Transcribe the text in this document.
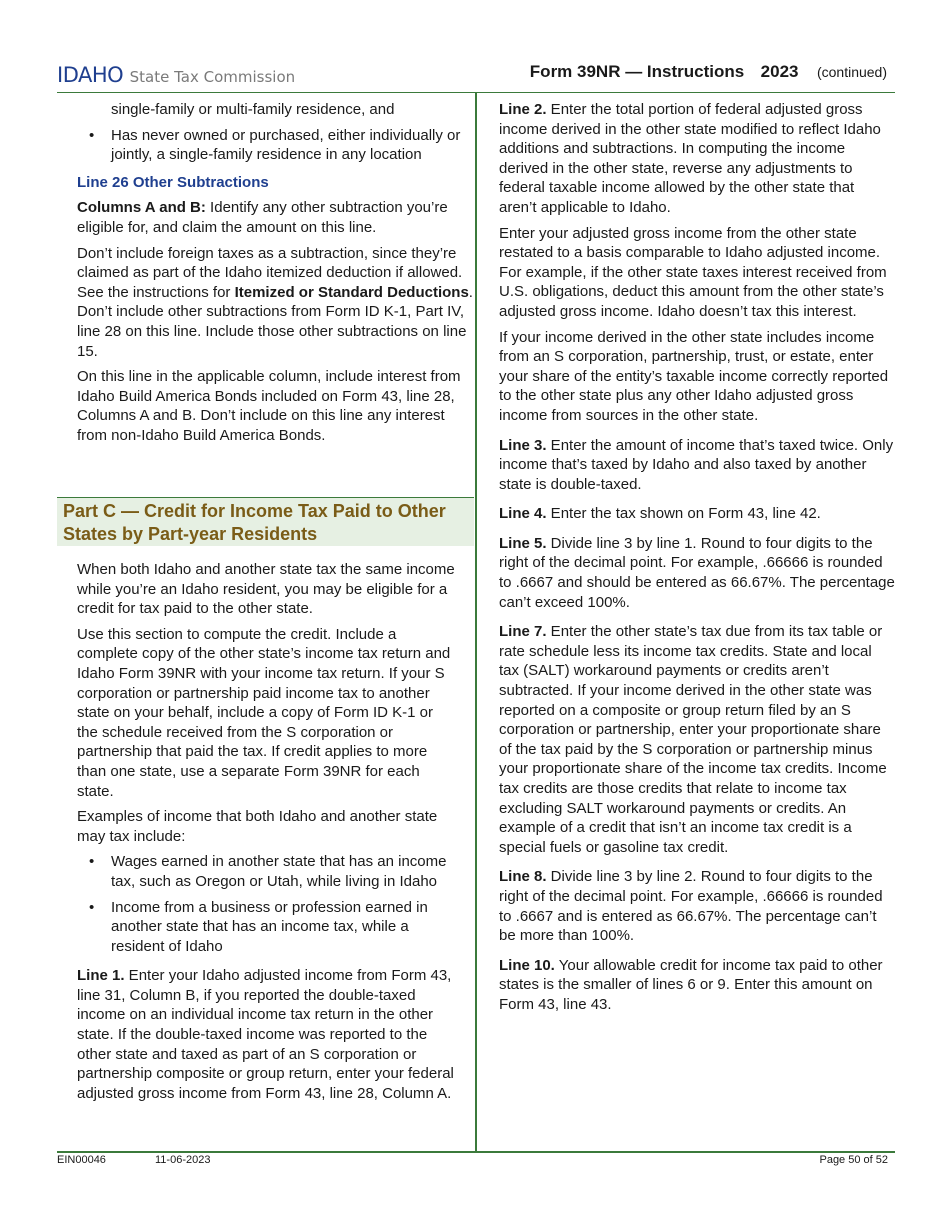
IDAHO State Tax Commission	Form 39NR — Instructions 2023 (continued)

single-family or multi-family residence, and

• Has never owned or purchased, either individually or jointly, a single-family residence in any location

Line 26 Other Subtractions

Columns A and B: Identify any other subtraction you’re eligible for, and claim the amount on this line.

Don’t include foreign taxes as a subtraction, since they’re claimed as part of the Idaho itemized deduction if allowed. See the instructions for Itemized or Standard Deductions. Don’t include other subtractions from Form ID K-1, Part IV, line 28 on this line. Include those other subtractions on line 15.

On this line in the applicable column, include interest from Idaho Build America Bonds included on Form 43, line 28, Columns A and B. Don’t include on this line any interest from non-Idaho Build America Bonds.

Part C — Credit for Income Tax Paid to Other States by Part-year Residents

When both Idaho and another state tax the same income while you’re an Idaho resident, you may be eligible for a credit for tax paid to the other state.

Use this section to compute the credit. Include a complete copy of the other state’s income tax return and Idaho Form 39NR with your income tax return. If your S corporation or partnership paid income tax to another state on your behalf, include a copy of Form ID K-1 or the schedule received from the S corporation or partnership that paid the tax. If credit applies to more than one state, use a separate Form 39NR for each state.

Examples of income that both Idaho and another state may tax include:

• Wages earned in another state that has an income tax, such as Oregon or Utah, while living in Idaho

• Income from a business or profession earned in another state that has an income tax, while a resident of Idaho

Line 1. Enter your Idaho adjusted income from Form 43, line 31, Column B, if you reported the double-taxed income on an individual income tax return in the other state. If the double-taxed income was reported to the other state and taxed as part of an S corporation or partnership composite or group return, enter your federal adjusted gross income from Form 43, line 28, Column A.

Line 2. Enter the total portion of federal adjusted gross income derived in the other state modified to reflect Idaho additions and subtractions. In computing the income derived in the other state, reverse any adjustments to federal taxable income allowed by the other state that aren’t applicable to Idaho.

Enter your adjusted gross income from the other state restated to a basis comparable to Idaho adjusted income. For example, if the other state taxes interest received from U.S. obligations, deduct this amount from the other state’s adjusted gross income. Idaho doesn’t tax this interest.

If your income derived in the other state includes income from an S corporation, partnership, trust, or estate, enter your share of the entity’s taxable income correctly reported to the other state plus any other Idaho adjusted gross income from sources in the other state.

Line 3. Enter the amount of income that’s taxed twice. Only income that’s taxed by Idaho and also taxed by another state is double-taxed.

Line 4. Enter the tax shown on Form 43, line 42.

Line 5. Divide line 3 by line 1. Round to four digits to the right of the decimal point. For example, .66666 is rounded to .6667 and should be entered as 66.67%. The percentage can’t exceed 100%.

Line 7. Enter the other state’s tax due from its tax table or rate schedule less its income tax credits. State and local tax (SALT) workaround payments or credits aren’t subtracted. If your income derived in the other state was reported on a composite or group return filed by an S corporation or partnership, enter your proportionate share of the tax paid by the S corporation or partnership minus your proportionate share of the income tax credits. Income tax credits are those credits that relate to income tax excluding SALT workaround payments or credits. An example of a credit that isn’t an income tax credit is a special fuels or gasoline tax credit.

Line 8. Divide line 3 by line 2. Round to four digits to the right of the decimal point. For example, .66666 is rounded to .6667 and is entered as 66.67%. The percentage can’t be more than 100%.

Line 10. Your allowable credit for income tax paid to other states is the smaller of lines 6 or 9. Enter this amount on Form 43, line 43.

EIN00046	11-06-2023	Page 50 of 52
